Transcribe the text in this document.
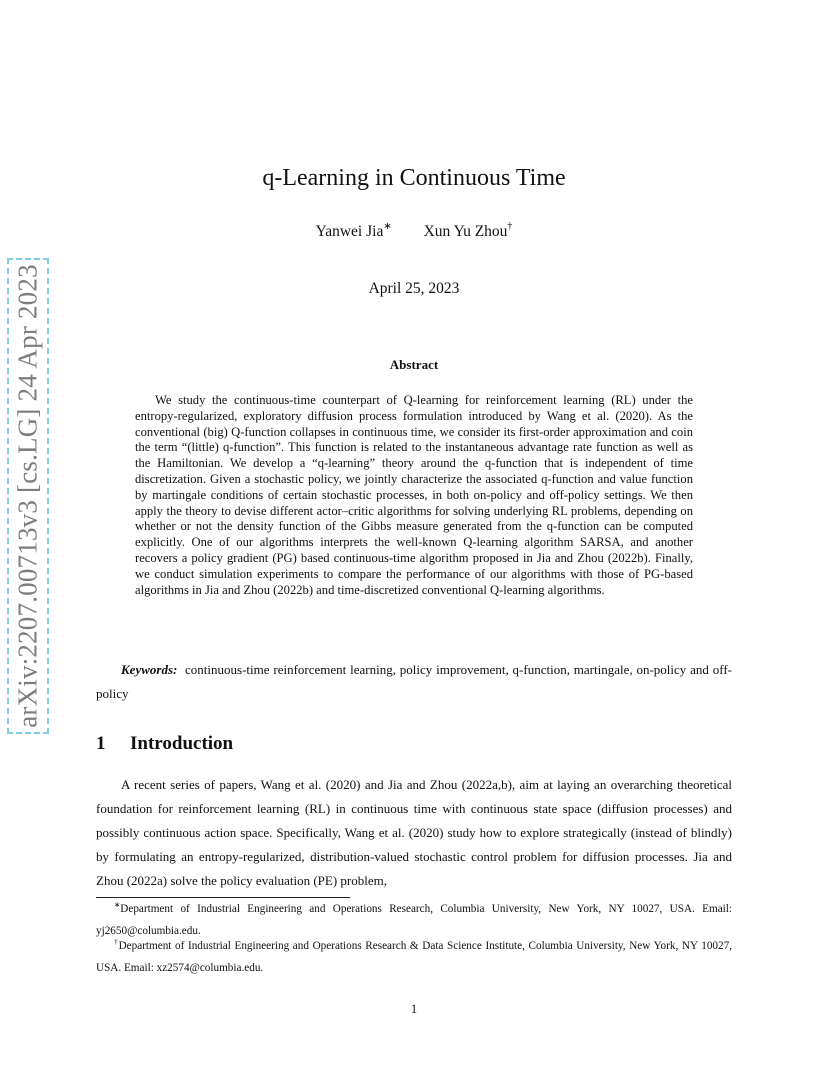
arXiv:2207.00713v3 [cs.LG] 24 Apr 2023
q-Learning in Continuous Time
Yanwei Jia∗ Xun Yu Zhou†
April 25, 2023
Abstract

We study the continuous-time counterpart of Q-learning for reinforcement learning (RL) under the entropy-regularized, exploratory diffusion process formulation introduced by Wang et al. (2020). As the conventional (big) Q-function collapses in continuous time, we consider its first-order approximation and coin the term “(little) q-function”. This function is related to the instantaneous advantage rate function as well as the Hamiltonian. We develop a “q-learning” theory around the q-function that is independent of time discretization. Given a stochastic policy, we jointly characterize the associated q-function and value function by martingale conditions of certain stochastic processes, in both on-policy and off-policy settings. We then apply the theory to devise different actor–critic algorithms for solving underlying RL problems, depending on whether or not the density function of the Gibbs measure generated from the q-function can be computed explicitly. One of our algorithms interprets the well-known Q-learning algorithm SARSA, and another recovers a policy gradient (PG) based continuous-time algorithm proposed in Jia and Zhou (2022b). Finally, we conduct simulation experiments to compare the performance of our algorithms with those of PG-based algorithms in Jia and Zhou (2022b) and time-discretized conventional Q-learning algorithms.

Keywords: continuous-time reinforcement learning, policy improvement, q-function, martingale, on-policy and off-policy

1 Introduction

A recent series of papers, Wang et al. (2020) and Jia and Zhou (2022a,b), aim at laying an overarching theoretical foundation for reinforcement learning (RL) in continuous time with continuous state space (diffusion processes) and possibly continuous action space. Specifically, Wang et al. (2020) study how to explore strategically (instead of blindly) by formulating an entropy-regularized, distribution-valued stochastic control problem for diffusion processes. Jia and Zhou (2022a) solve the policy evaluation (PE) problem,

∗Department of Industrial Engineering and Operations Research, Columbia University, New York, NY 10027, USA. Email: yj2650@columbia.edu.

†Department of Industrial Engineering and Operations Research & Data Science Institute, Columbia University, New York, NY 10027, USA. Email: xz2574@columbia.edu.

1
